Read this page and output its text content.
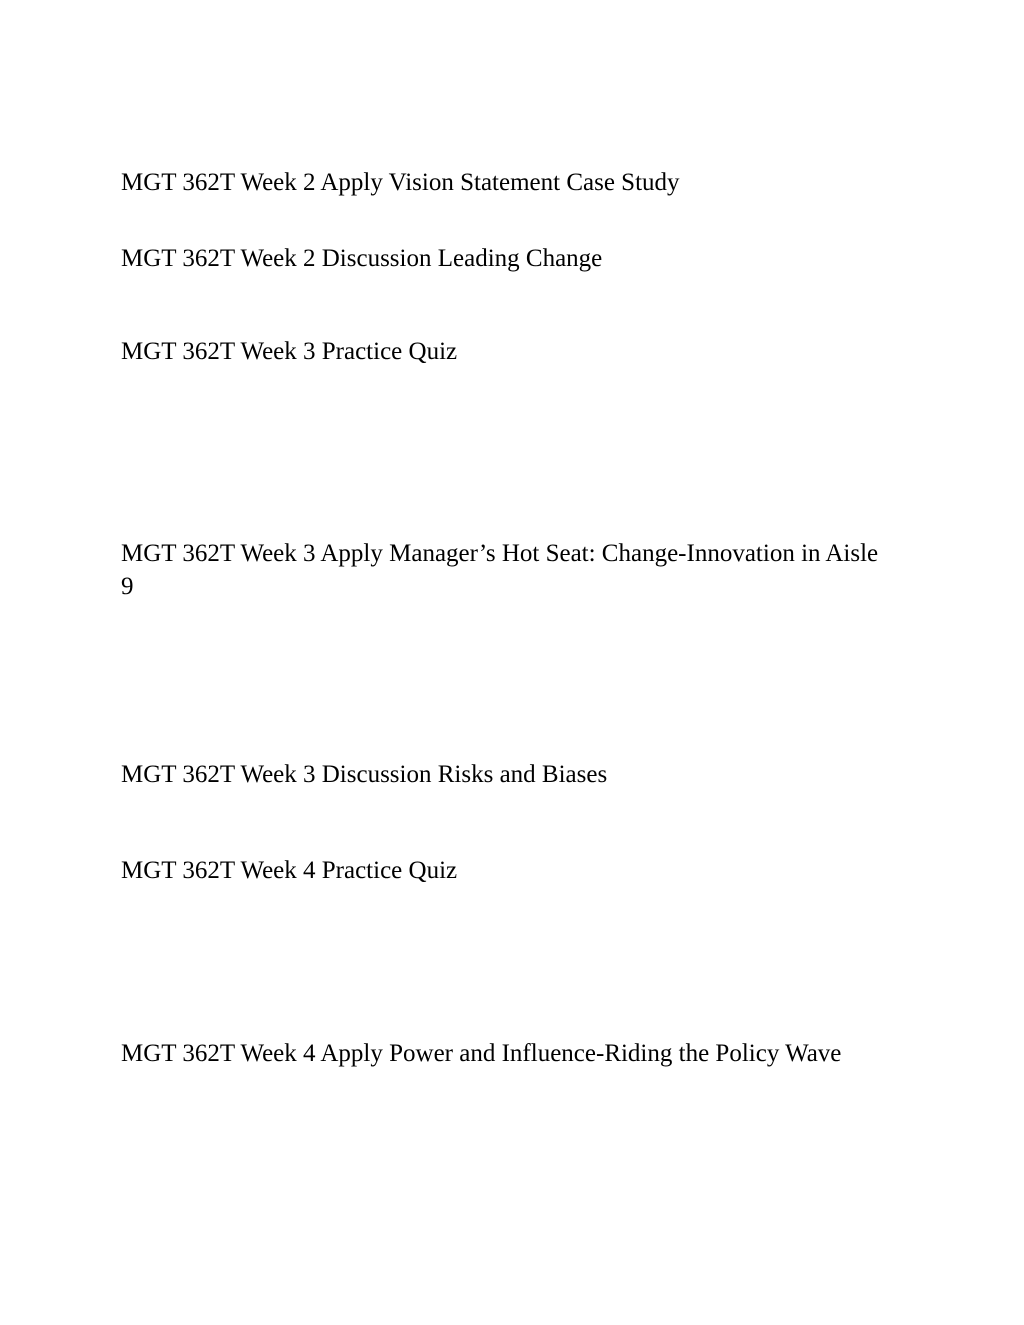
MGT 362T Week 2 Apply Vision Statement Case Study

MGT 362T Week 2 Discussion Leading Change

MGT 362T Week 3 Practice Quiz

MGT 362T Week 3 Apply Manager’s Hot Seat: Change-Innovation in Aisle 9

MGT 362T Week 3 Discussion Risks and Biases

MGT 362T Week 4 Practice Quiz

MGT 362T Week 4 Apply Power and Influence-Riding the Policy Wave
